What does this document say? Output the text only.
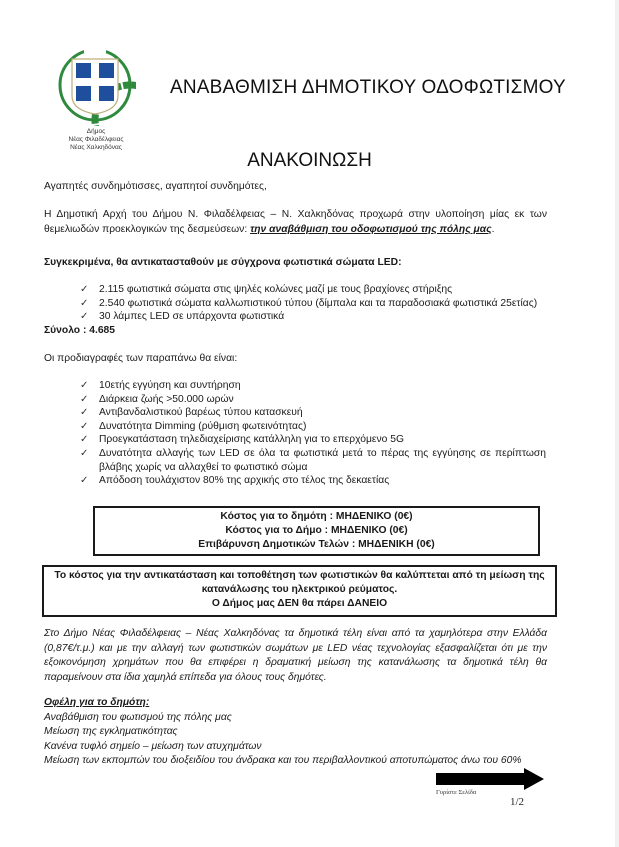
Δήμος
Νέας Φιλαδέλφειας
Νέας Χαλκηδόνας
ΑΝΑΒΑΘΜΙΣΗ ΔΗΜΟΤΙΚΟΥ ΟΔΟΦΩΤΙΣΜΟΥ
ΑΝΑΚΟΙΝΩΣΗ
Αγαπητές συνδημότισσες, αγαπητοί συνδημότες,
Η Δημοτική Αρχή του Δήμου Ν. Φιλαδέλφειας – Ν. Χαλκηδόνας προχωρά στην υλοποίηση μίας εκ των θεμελιωδών προεκλογικών της δεσμεύσεων: την αναβάθμιση του οδοφωτισμού της πόλης μας.
Συγκεκριμένα, θα αντικατασταθούν με σύγχρονα φωτιστικά σώματα LED:
✓ 2.115 φωτιστικά σώματα στις ψηλές κολώνες μαζί με τους βραχίονες στήριξης
✓ 2.540 φωτιστικά σώματα καλλωπιστικού τύπου (δίμπαλα και τα παραδοσιακά φωτιστικά 25ετίας)
✓ 30 λάμπες LED σε υπάρχοντα φωτιστικά
Σύνολο : 4.685
Οι προδιαγραφές των παραπάνω θα είναι:
✓ 10ετής εγγύηση και συντήρηση
✓ Διάρκεια ζωής >50.000 ωρών
✓ Αντιβανδαλιστικού βαρέως τύπου κατασκευή
✓ Δυνατότητα Dimming (ρύθμιση φωτεινότητας)
✓ Προεγκατάσταση τηλεδιαχείρισης κατάλληλη για το επερχόμενο 5G
✓ Δυνατότητα αλλαγής των LED σε όλα τα φωτιστικά μετά το πέρας της εγγύησης σε περίπτωση βλάβης χωρίς να αλλαχθεί το φωτιστικό σώμα
✓ Απόδοση τουλάχιστον 80% της αρχικής στο τέλος της δεκαετίας
Κόστος για το δημότη : ΜΗΔΕΝΙΚΟ (0€)
Κόστος για το Δήμο : ΜΗΔΕΝΙΚΟ (0€)
Επιβάρυνση Δημοτικών Τελών : ΜΗΔΕΝΙΚΗ (0€)
Το κόστος για την αντικατάσταση και τοποθέτηση των φωτιστικών θα καλύπτεται από τη μείωση της κατανάλωσης του ηλεκτρικού ρεύματος.
Ο Δήμος μας ΔΕΝ θα πάρει ΔΑΝΕΙΟ
Στο Δήμο Νέας Φιλαδέλφειας – Νέας Χαλκηδόνας τα δημοτικά τέλη είναι από τα χαμηλότερα στην Ελλάδα (0,87€/τ.μ.) και με την αλλαγή των φωτιστικών σωμάτων με LED νέας τεχνολογίας εξασφαλίζεται ότι με την εξοικονόμηση χρημάτων που θα επιφέρει η δραματική μείωση της κατανάλωσης τα δημοτικά τέλη θα παραμείνουν στα ίδια χαμηλά επίπεδα για όλους τους δημότες.
Οφέλη για το δημότη:
Αναβάθμιση του φωτισμού της πόλης μας
Μείωση της εγκληματικότητας
Κανένα τυφλό σημείο – μείωση των ατυχημάτων
Μείωση των εκπομπών του διοξειδίου του άνδρακα και του περιβαλλοντικού αποτυπώματος άνω του 60%
Γυρίστε Σελίδα
1/2
